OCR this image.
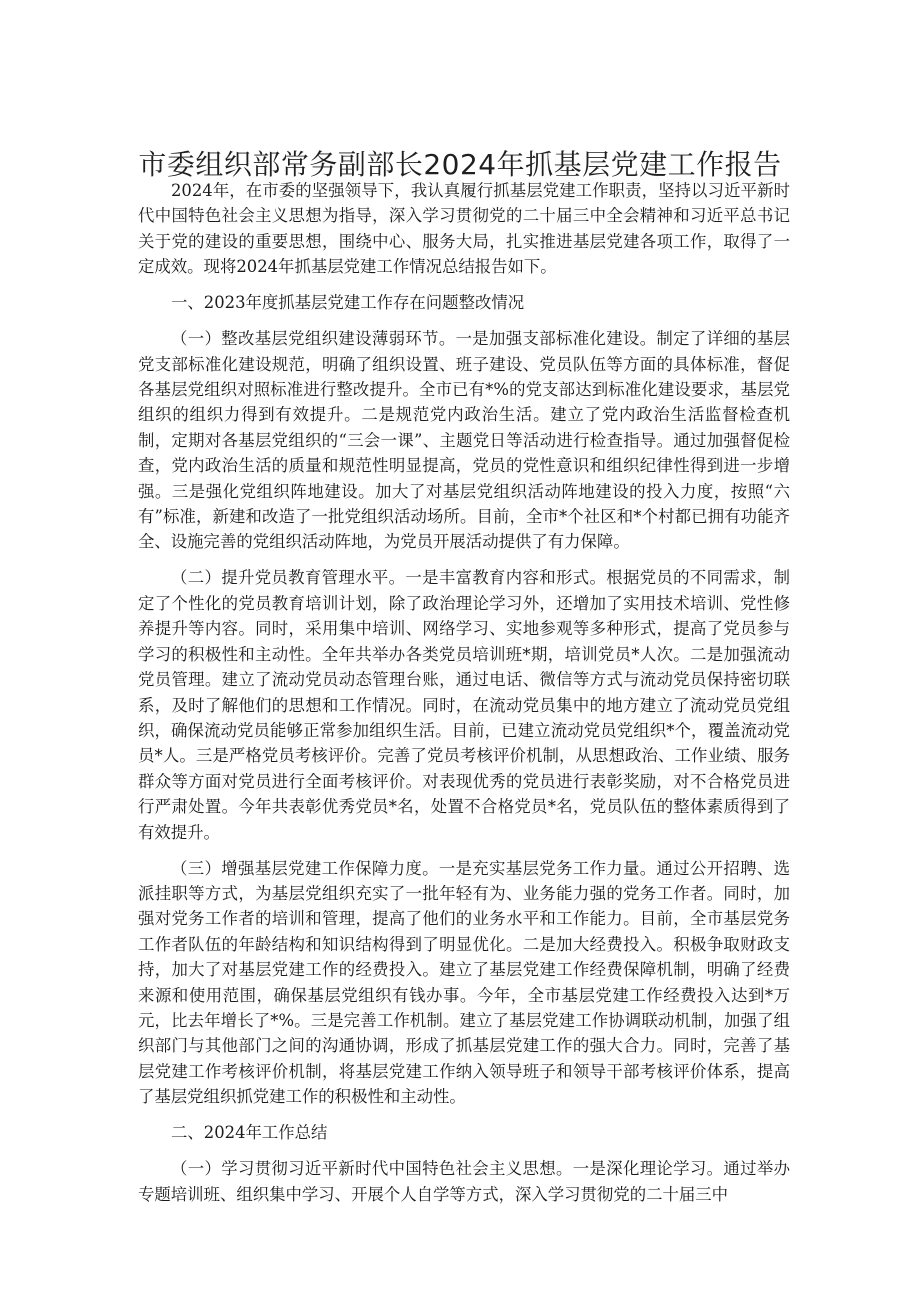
市委组织部常务副部长2024年抓基层党建工作报告

2024年，在市委的坚强领导下，我认真履行抓基层党建工作职责，坚持以习近平新时代中国特色社会主义思想为指导，深入学习贯彻党的二十届三中全会精神和习近平总书记关于党的建设的重要思想，围绕中心、服务大局，扎实推进基层党建各项工作，取得了一定成效。现将2024年抓基层党建工作情况总结报告如下。

一、2023年度抓基层党建工作存在问题整改情况

（一）整改基层党组织建设薄弱环节。一是加强支部标准化建设。制定了详细的基层党支部标准化建设规范，明确了组织设置、班子建设、党员队伍等方面的具体标准，督促各基层党组织对照标准进行整改提升。全市已有*%的党支部达到标准化建设要求，基层党组织的组织力得到有效提升。二是规范党内政治生活。建立了党内政治生活监督检查机制，定期对各基层党组织的“三会一课”、主题党日等活动进行检查指导。通过加强督促检查，党内政治生活的质量和规范性明显提高，党员的党性意识和组织纪律性得到进一步增强。三是强化党组织阵地建设。加大了对基层党组织活动阵地建设的投入力度，按照“六有”标准，新建和改造了一批党组织活动场所。目前，全市*个社区和*个村都已拥有功能齐全、设施完善的党组织活动阵地，为党员开展活动提供了有力保障。

（二）提升党员教育管理水平。一是丰富教育内容和形式。根据党员的不同需求，制定了个性化的党员教育培训计划，除了政治理论学习外，还增加了实用技术培训、党性修养提升等内容。同时，采用集中培训、网络学习、实地参观等多种形式，提高了党员参与学习的积极性和主动性。全年共举办各类党员培训班*期，培训党员*人次。二是加强流动党员管理。建立了流动党员动态管理台账，通过电话、微信等方式与流动党员保持密切联系，及时了解他们的思想和工作情况。同时，在流动党员集中的地方建立了流动党员党组织，确保流动党员能够正常参加组织生活。目前，已建立流动党员党组织*个，覆盖流动党员*人。三是严格党员考核评价。完善了党员考核评价机制，从思想政治、工作业绩、服务群众等方面对党员进行全面考核评价。对表现优秀的党员进行表彰奖励，对不合格党员进行严肃处置。今年共表彰优秀党员*名，处置不合格党员*名，党员队伍的整体素质得到了有效提升。

（三）增强基层党建工作保障力度。一是充实基层党务工作力量。通过公开招聘、选派挂职等方式，为基层党组织充实了一批年轻有为、业务能力强的党务工作者。同时，加强对党务工作者的培训和管理，提高了他们的业务水平和工作能力。目前，全市基层党务工作者队伍的年龄结构和知识结构得到了明显优化。二是加大经费投入。积极争取财政支持，加大了对基层党建工作的经费投入。建立了基层党建工作经费保障机制，明确了经费来源和使用范围，确保基层党组织有钱办事。今年，全市基层党建工作经费投入达到*万元，比去年增长了*%。三是完善工作机制。建立了基层党建工作协调联动机制，加强了组织部门与其他部门之间的沟通协调，形成了抓基层党建工作的强大合力。同时，完善了基层党建工作考核评价机制，将基层党建工作纳入领导班子和领导干部考核评价体系，提高了基层党组织抓党建工作的积极性和主动性。

二、2024年工作总结

（一）学习贯彻习近平新时代中国特色社会主义思想。一是深化理论学习。通过举办专题培训班、组织集中学习、开展个人自学等方式，深入学习贯彻党的二十届三中
